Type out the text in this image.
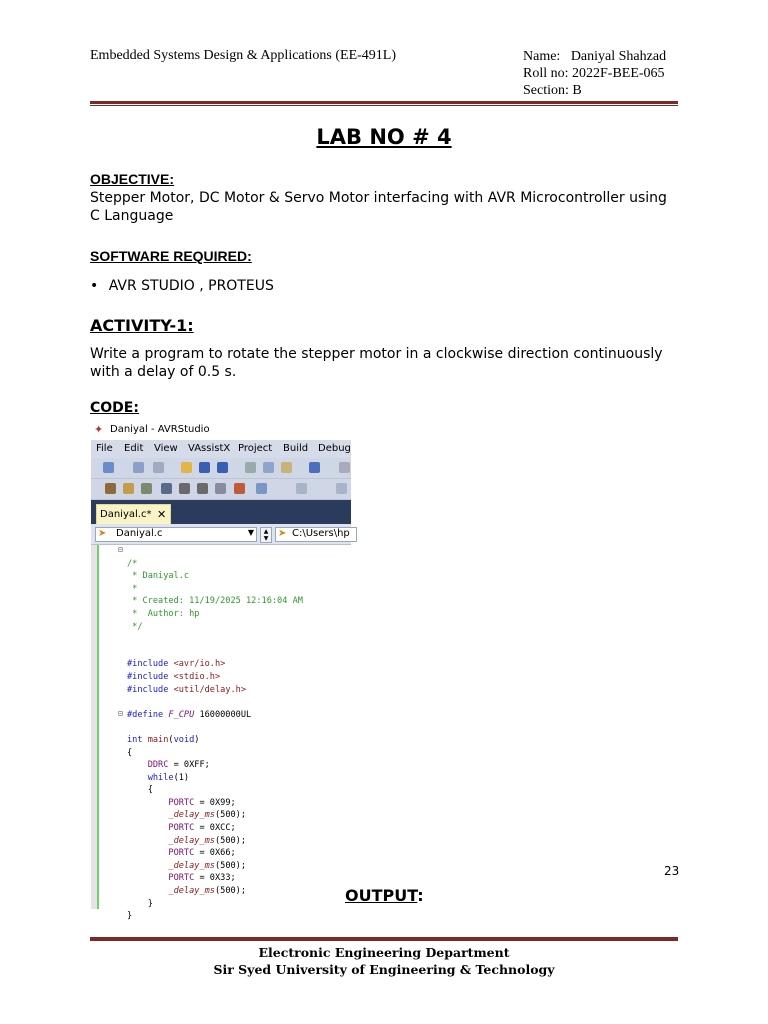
Embedded Systems Design & Applications (EE-491L)	Name:   Daniyal Shahzad
Roll no: 2022F-BEE-065
Section: B
LAB NO # 4
OBJECTIVE:
Stepper Motor, DC Motor & Servo Motor interfacing with AVR Microcontroller using C Language
SOFTWARE REQUIRED:
• AVR STUDIO , PROTEUS
ACTIVITY-1:
Write a program to rotate the stepper motor in a clockwise direction continuously with a delay of 0.5 s.
CODE:
✦ Daniyal - AVRStudio
File Edit View VAssistX Project Build Debug
Daniyal.c* ✕
➤ Daniyal.c	▼	▲
▼ ➤ C:\Users\hp
⊟
⊟

/*
* Daniyal.c
*
* Created: 11/19/2025 12:16:04 AM
*  Author: hp
*/

#include <avr/io.h>
#include <stdio.h>
#include <util/delay.h>

#define F_CPU 16000000UL

int main(void)
{
DDRC = 0XFF;
while(1)
{
PORTC = 0X99;
_delay_ms(500);
PORTC = 0XCC;
_delay_ms(500);
PORTC = 0X66;
_delay_ms(500);
PORTC = 0X33;
_delay_ms(500);
}
}
23
OUTPUT:
Electronic Engineering Department
Sir Syed University of Engineering & Technology
